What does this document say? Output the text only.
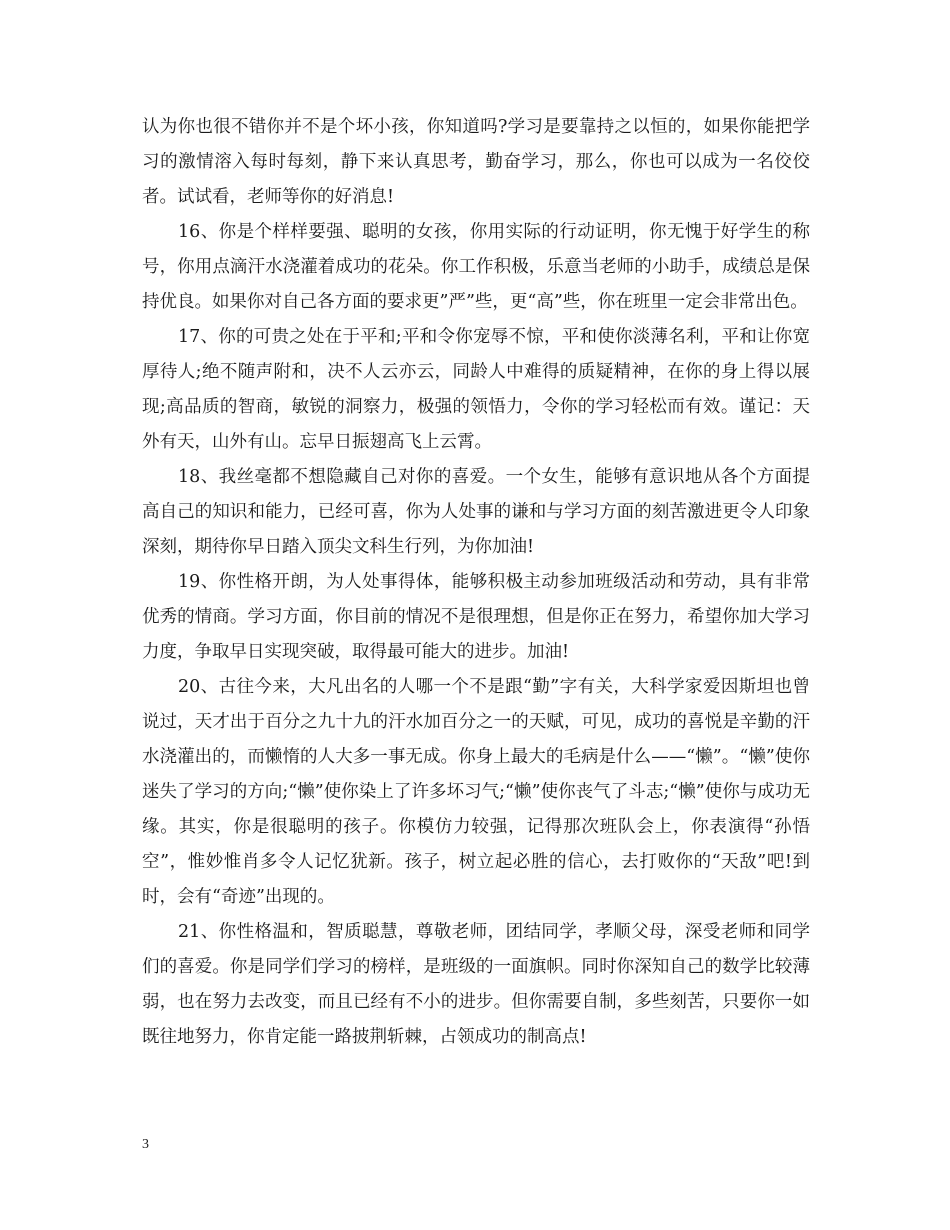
认为你也很不错你并不是个坏小孩，你知道吗?学习是要靠持之以恒的，如果你能把学习的激情溶入每时每刻，静下来认真思考，勤奋学习，那么，你也可以成为一名佼佼者。试试看，老师等你的好消息!

16、你是个样样要强、聪明的女孩，你用实际的行动证明，你无愧于好学生的称号，你用点滴汗水浇灌着成功的花朵。你工作积极，乐意当老师的小助手，成绩总是保持优良。如果你对自己各方面的要求更”严”些，更“高”些，你在班里一定会非常出色。

17、你的可贵之处在于平和;平和令你宠辱不惊，平和使你淡薄名利，平和让你宽厚待人;绝不随声附和，决不人云亦云，同龄人中难得的质疑精神，在你的身上得以展现;高品质的智商，敏锐的洞察力，极强的领悟力，令你的学习轻松而有效。谨记：天外有天，山外有山。忘早日振翅高飞上云霄。

18、我丝毫都不想隐藏自己对你的喜爱。一个女生，能够有意识地从各个方面提高自己的知识和能力，已经可喜，你为人处事的谦和与学习方面的刻苦激进更令人印象深刻，期待你早日踏入顶尖文科生行列，为你加油!

19、你性格开朗，为人处事得体，能够积极主动参加班级活动和劳动，具有非常优秀的情商。学习方面，你目前的情况不是很理想，但是你正在努力，希望你加大学习力度，争取早日实现突破，取得最可能大的进步。加油!

20、古往今来，大凡出名的人哪一个不是跟“勤”字有关，大科学家爱因斯坦也曾说过，天才出于百分之九十九的汗水加百分之一的天赋，可见，成功的喜悦是辛勤的汗水浇灌出的，而懒惰的人大多一事无成。你身上最大的毛病是什么——“懒”。“懒”使你迷失了学习的方向;“懒”使你染上了许多坏习气;“懒”使你丧气了斗志;“懒”使你与成功无缘。其实，你是很聪明的孩子。你模仿力较强，记得那次班队会上，你表演得“孙悟空”，惟妙惟肖多令人记忆犹新。孩子，树立起必胜的信心，去打败你的“天敌”吧!到时，会有“奇迹”出现的。

21、你性格温和，智质聪慧，尊敬老师，团结同学，孝顺父母，深受老师和同学们的喜爱。你是同学们学习的榜样，是班级的一面旗帜。同时你深知自己的数学比较薄弱，也在努力去改变，而且已经有不小的进步。但你需要自制，多些刻苦，只要你一如既往地努力，你肯定能一路披荆斩棘，占领成功的制高点!

3
